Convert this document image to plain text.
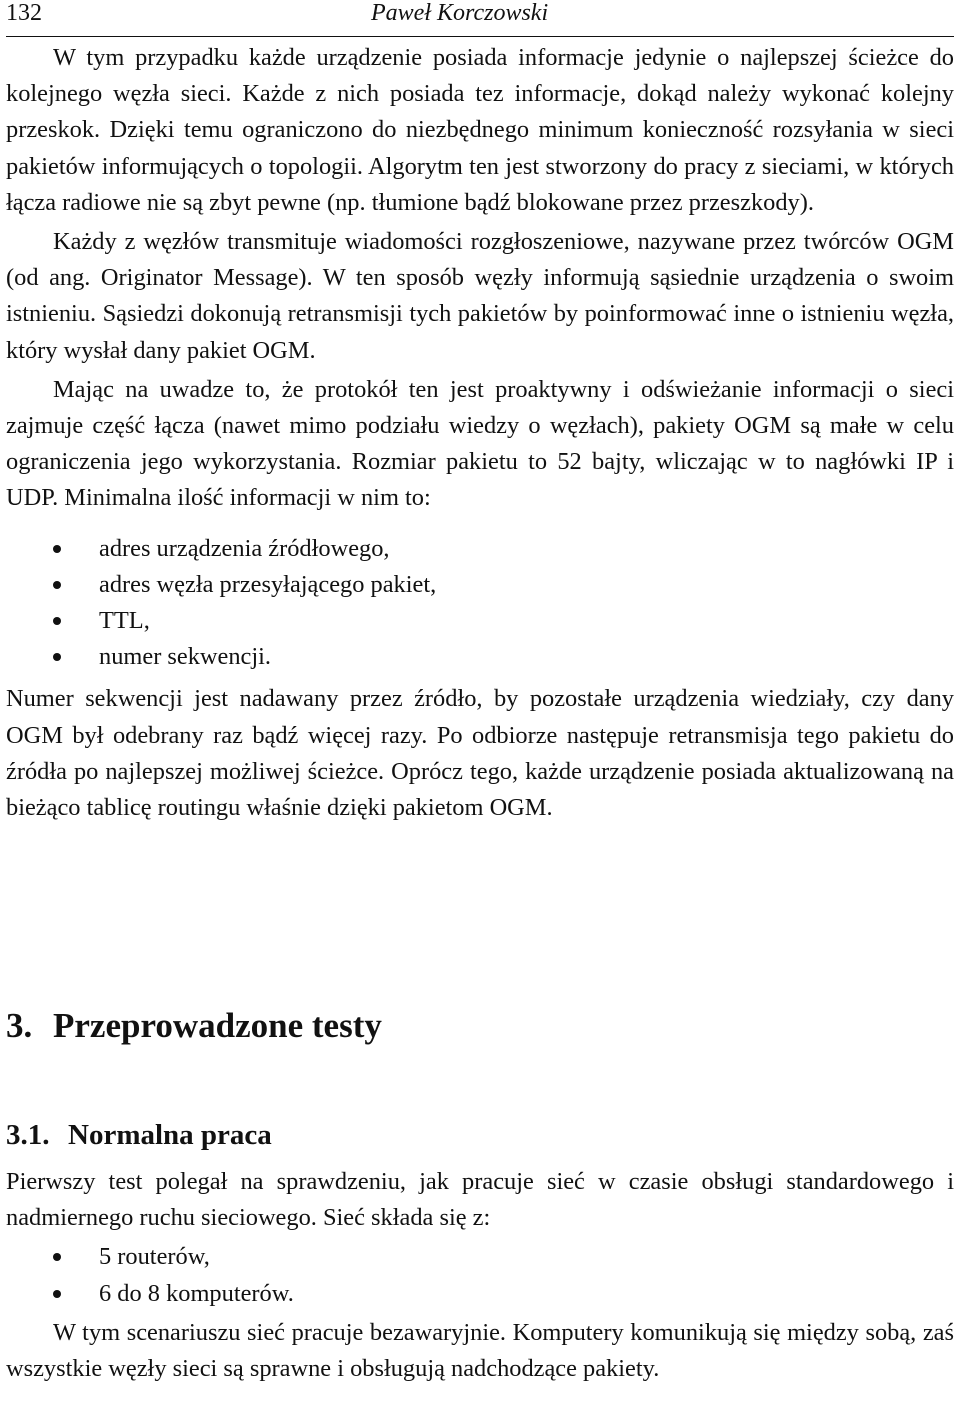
132	Paweł Korczowski

W tym przypadku każde urządzenie posiada informacje jedynie o najlepszej ścieżce do kolejnego węzła sieci. Każde z nich posiada tez informacje, dokąd należy wykonać kolejny przeskok. Dzięki temu ograniczono do niezbędnego minimum konieczność rozsyłania w sieci pakietów informujących o topologii. Algorytm ten jest stworzony do pracy z sieciami, w których łącza radiowe nie są zbyt pewne (np. tłumione bądź blokowane przez przeszkody).

Każdy z węzłów transmituje wiadomości rozgłoszeniowe, nazywane przez twórców OGM (od ang. Originator Message). W ten sposób węzły informują sąsiednie urządzenia o swoim istnieniu. Sąsiedzi dokonują retransmisji tych pakietów by poinformować inne o istnieniu węzła, który wysłał dany pakiet OGM.

Mając na uwadze to, że protokół ten jest proaktywny i odświeżanie informacji o sieci zajmuje część łącza (nawet mimo podziału wiedzy o węzłach), pakiety OGM są małe w celu ograniczenia jego wykorzystania. Rozmiar pakietu to 52 bajty, wliczając w to nagłówki IP i UDP. Minimalna ilość informacji w nim to:

adres urządzenia źródłowego,
adres węzła przesyłającego pakiet,
TTL,
numer sekwencji.

Numer sekwencji jest nadawany przez źródło, by pozostałe urządzenia wiedziały, czy dany OGM był odebrany raz bądź więcej razy. Po odbiorze następuje retransmisja tego pakietu do źródła po najlepszej możliwej ścieżce. Oprócz tego, każde urządzenie posiada aktualizowaną na bieżąco tablicę routingu właśnie dzięki pakietom OGM.

3. Przeprowadzone testy
3.1. Normalna praca

Pierwszy test polegał na sprawdzeniu, jak pracuje sieć w czasie obsługi standardowego i nadmiernego ruchu sieciowego. Sieć składa się z:

5 routerów,
6 do 8 komputerów.

W tym scenariuszu sieć pracuje bezawaryjnie. Komputery komunikują się między sobą, zaś wszystkie węzły sieci są sprawne i obsługują nadchodzące pakiety.
